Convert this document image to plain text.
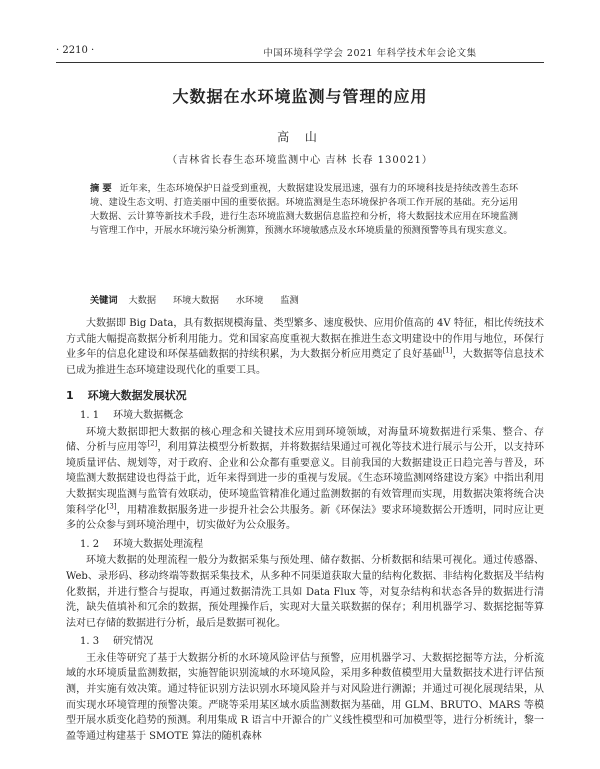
· 2210 ·	中国环境科学学会 2021 年科学技术年会论文集
大数据在水环境监测与管理的应用
高 山
（吉林省长春生态环境监测中心 吉林 长春 130021）
摘 要 近年来，生态环境保护日益受到重视，大数据建设发展迅速，强有力的环境科技是持续改善生态环境、建设生态文明、打造美丽中国的重要依据。环境监测是生态环境保护各项工作开展的基础。充分运用大数据、云计算等新技术手段，进行生态环境监测大数据信息监控和分析，将大数据技术应用在环境监测与管理工作中，开展水环境污染分析测算，预测水环境敏感点及水环境质量的预测预警等具有现实意义。
关键词 大数据 环境大数据 水环境 监测

大数据即 Big Data，具有数据规模海量、类型繁多、速度极快、应用价值高的 4V 特征，相比传统技术方式能大幅提高数据分析利用能力。党和国家高度重视大数据在推进生态文明建设中的作用与地位，环保行业多年的信息化建设和环保基础数据的持续积累，为大数据分析应用奠定了良好基础[1]，大数据等信息技术已成为推进生态环境建设现代化的重要工具。

1 环境大数据发展状况
1. 1 环境大数据概念

环境大数据即把大数据的核心理念和关键技术应用到环境领域，对海量环境数据进行采集、整合、存储、分析与应用等[2]，利用算法模型分析数据，并将数据结果通过可视化等技术进行展示与公开，以支持环境质量评估、规划等，对于政府、企业和公众都有重要意义。目前我国的大数据建设正日趋完善与普及，环境监测大数据建设也得益于此，近年来得到进一步的重视与发展。《生态环境监测网络建设方案》中指出利用大数据实现监测与监管有效联动，使环境监管精准化通过监测数据的有效管理而实现，用数据决策将统合决策科学化[3]，用精准数据服务进一步提升社会公共服务。新《环保法》要求环境数据公开透明，同时应让更多的公众参与到环境治理中，切实做好为公众服务。

1. 2 环境大数据处理流程

环境大数据的处理流程一般分为数据采集与预处理、储存数据、分析数据和结果可视化。通过传感器、Web、录形码、移动终端等数据采集技术，从多种不同渠道获取大量的结构化数据、非结构化数据及半结构化数据，并进行整合与提取，再通过数据清洗工具如 Data Flux 等，对复杂结构和状态各异的数据进行清洗，缺失值填补和冗余的数据，预处理操作后，实现对大量关联数据的保存；利用机器学习、数据挖掘等算法对已存储的数据进行分析，最后是数据可视化。

1. 3 研究情况

王永佳等研究了基于大数据分析的水环境风险评估与预警，应用机器学习、大数据挖掘等方法，分析流域的水环境质量监测数据，实施智能识别流域的水环境风险，采用多种数值模型用大量数据技术进行评估预测，并实施有效决策。通过特征识别方法识别水环境风险并与对风险进行溯源；并通过可视化展现结果，从而实现水环境管理的预警决策。严晓等采用某区域水质监测数据为基础，用 GLM、BRUTO、MARS 等模型开展水质变化趋势的预测。利用集成 R 语言中开源合的广义线性模型和可加模型等，进行分析统计，黎一盈等通过构建基于 SMOTE 算法的随机森林
